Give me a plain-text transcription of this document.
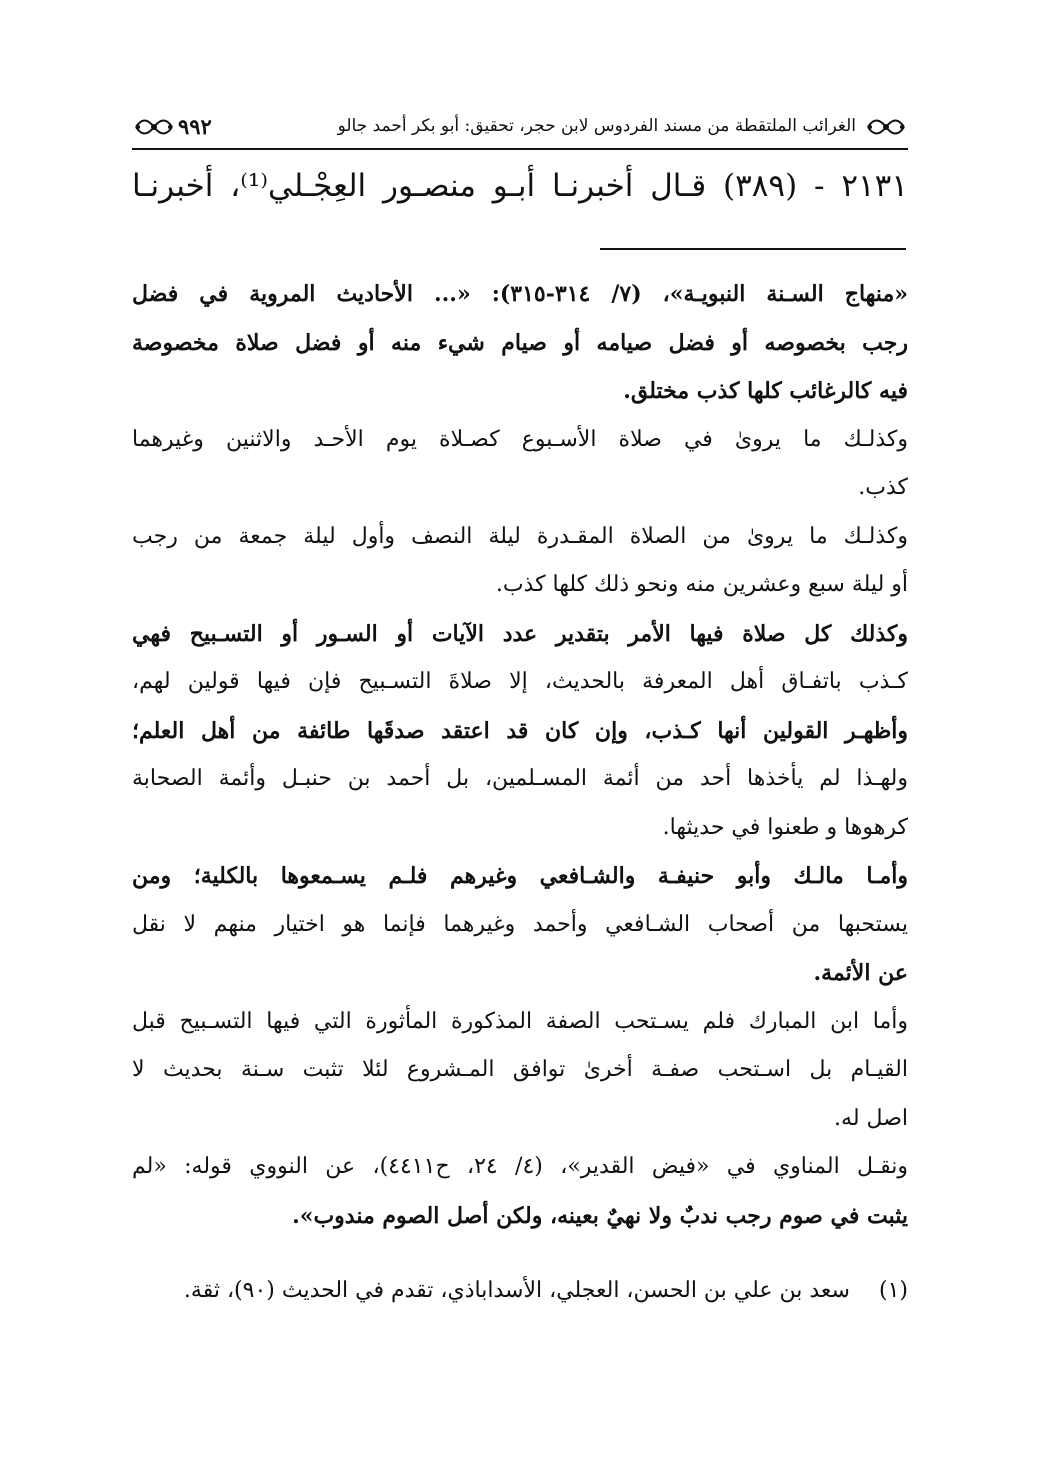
٩٩٢	الغرائب الملتقطة من مسند الفردوس لابن حجر، تحقيق: أبو بكر أحمد جالو
٢١٣١ - (٣٨٩) قـال أخبرنـا أبـو منصـور العِجْـلي⁽¹⁾، أخبرنـا
«منهاج السـنة النبويـة»، (٧/ ٣١٤-٣١٥): «... الأحاديث المروية في فضل
رجب بخصوصه أو فضل صيامه أو صيام شيء منه أو فضل صلاة مخصوصة
فيه كالرغائب كلها كذب مختلق.
وكذلـك ما يروىٰ في صلاة الأسـبوع كصـلاة يوم الأحـد والاثنين وغيرهما
كذب.
وكذلـك ما يروىٰ من الصلاة المقـدرة ليلة النصف وأول ليلة جمعة من رجب
أو ليلة سبع وعشرين منه ونحو ذلك كلها كذب.
وكذلك كل صلاة فيها الأمر بتقدير عدد الآيات أو السـور أو التسـبيح فهي
كـذب باتفـاق أهل المعرفة بالحديث، إلا صلاةَ التسـبيح فإن فيها قولين لهم،
وأظهـر القولين أنها كـذب، وإن كان قد اعتقد صدقَها طائفة من أهل العلم؛
ولهـذا لم يأخذها أحد من أئمة المسـلمين، بل أحمد بن حنبـل وأئمة الصحابة
كرهوها و طعنوا في حديثها.
وأمـا مالـك وأبو حنيفـة والشـافعي وغيرهم فلـم يسـمعوها بالكلية؛ ومن
يستحبها من أصحاب الشـافعي وأحمد وغيرهما فإنما هو اختيار منهم لا نقل
عن الأئمة.
وأما ابن المبارك فلم يسـتحب الصفة المذكورة المأثورة التي فيها التسـبيح قبل
القيـام بل اسـتحب صفـة أخرىٰ توافق المـشروع لئلا تثبت سـنة بحديث لا
اصل له.
ونقـل المناوي في «فيض القدير»، (٤/ ٢٤، ح٤٤١١)، عن النووي قوله: «لم
يثبت في صوم رجب ندبٌ ولا نهيٌ بعينه، ولكن أصل الصوم مندوب».
(١) سعد بن علي بن الحسن، العجلي، الأسداباذي، تقدم في الحديث (٩٠)، ثقة.
